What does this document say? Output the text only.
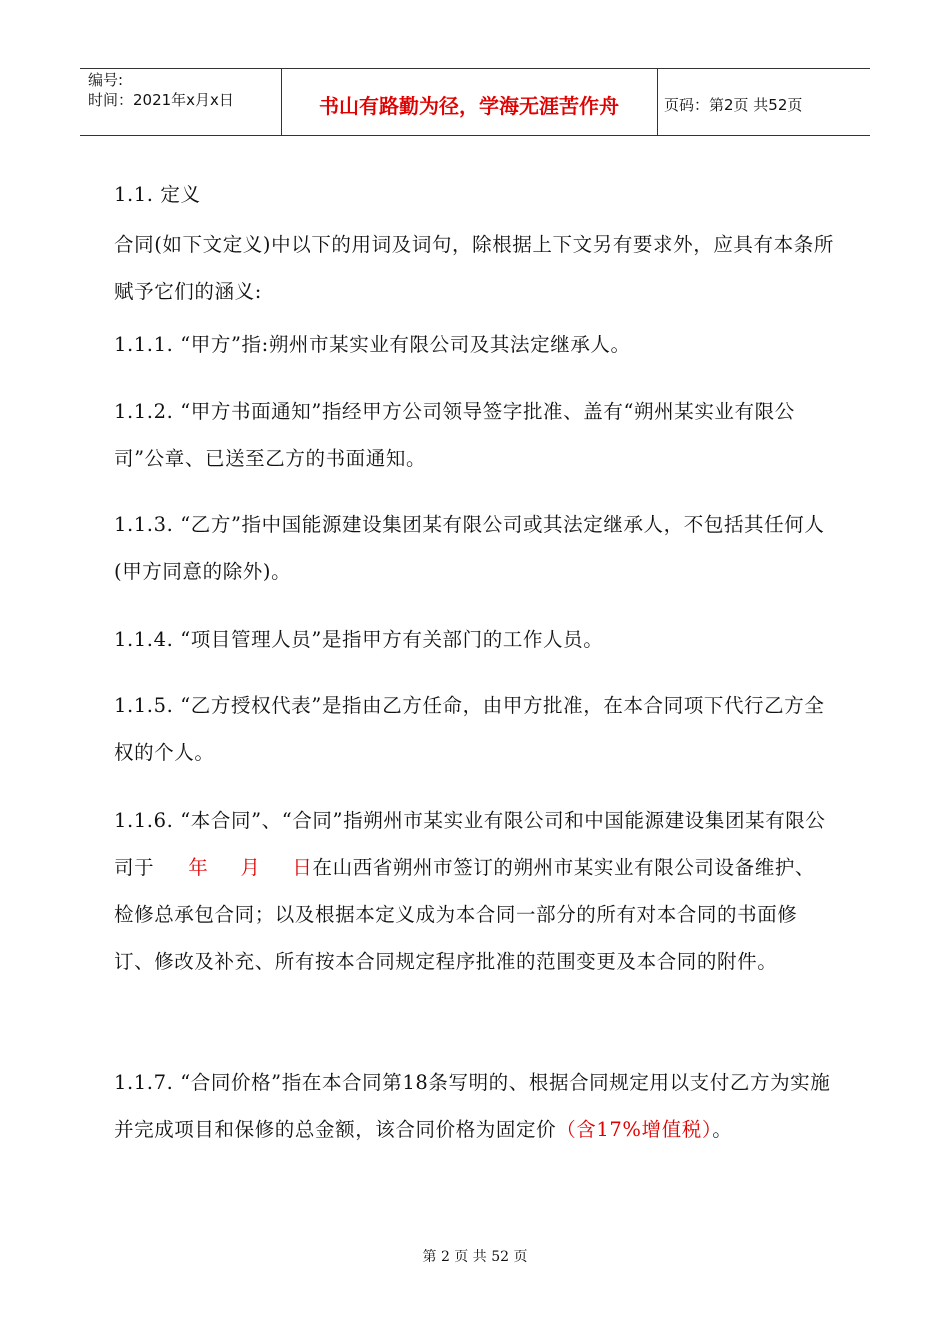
编号:
时间：2021年x月x日	书山有路勤为径，学海无涯苦作舟	页码：第2页 共52页

1.1. 定义

合同(如下文定义)中以下的用词及词句，除根据上下文另有要求外，应具有本条所赋予它们的涵义:

1.1.1. “甲方”指:朔州市某实业有限公司及其法定继承人。

1.1.2. “甲方书面通知”指经甲方公司领导签字批准、盖有“朔州某实业有限公司”公章、已送至乙方的书面通知。

1.1.3. “乙方”指中国能源建设集团某有限公司或其法定继承人，不包括其任何人(甲方同意的除外)。

1.1.4. “项目管理人员”是指甲方有关部门的工作人员。

1.1.5. “乙方授权代表”是指由乙方任命，由甲方批准，在本合同项下代行乙方全权的个人。

1.1.6. “本合同”、“合同”指朔州市某实业有限公司和中国能源建设集团某有限公司于 年 月 日在山西省朔州市签订的朔州市某实业有限公司设备维护、检修总承包合同；以及根据本定义成为本合同一部分的所有对本合同的书面修订、修改及补充、所有按本合同规定程序批准的范围变更及本合同的附件。

1.1.7. “合同价格”指在本合同第18条写明的、根据合同规定用以支付乙方为实施并完成项目和保修的总金额，该合同价格为固定价（含17%增值税）。

第 2 页 共 52 页
